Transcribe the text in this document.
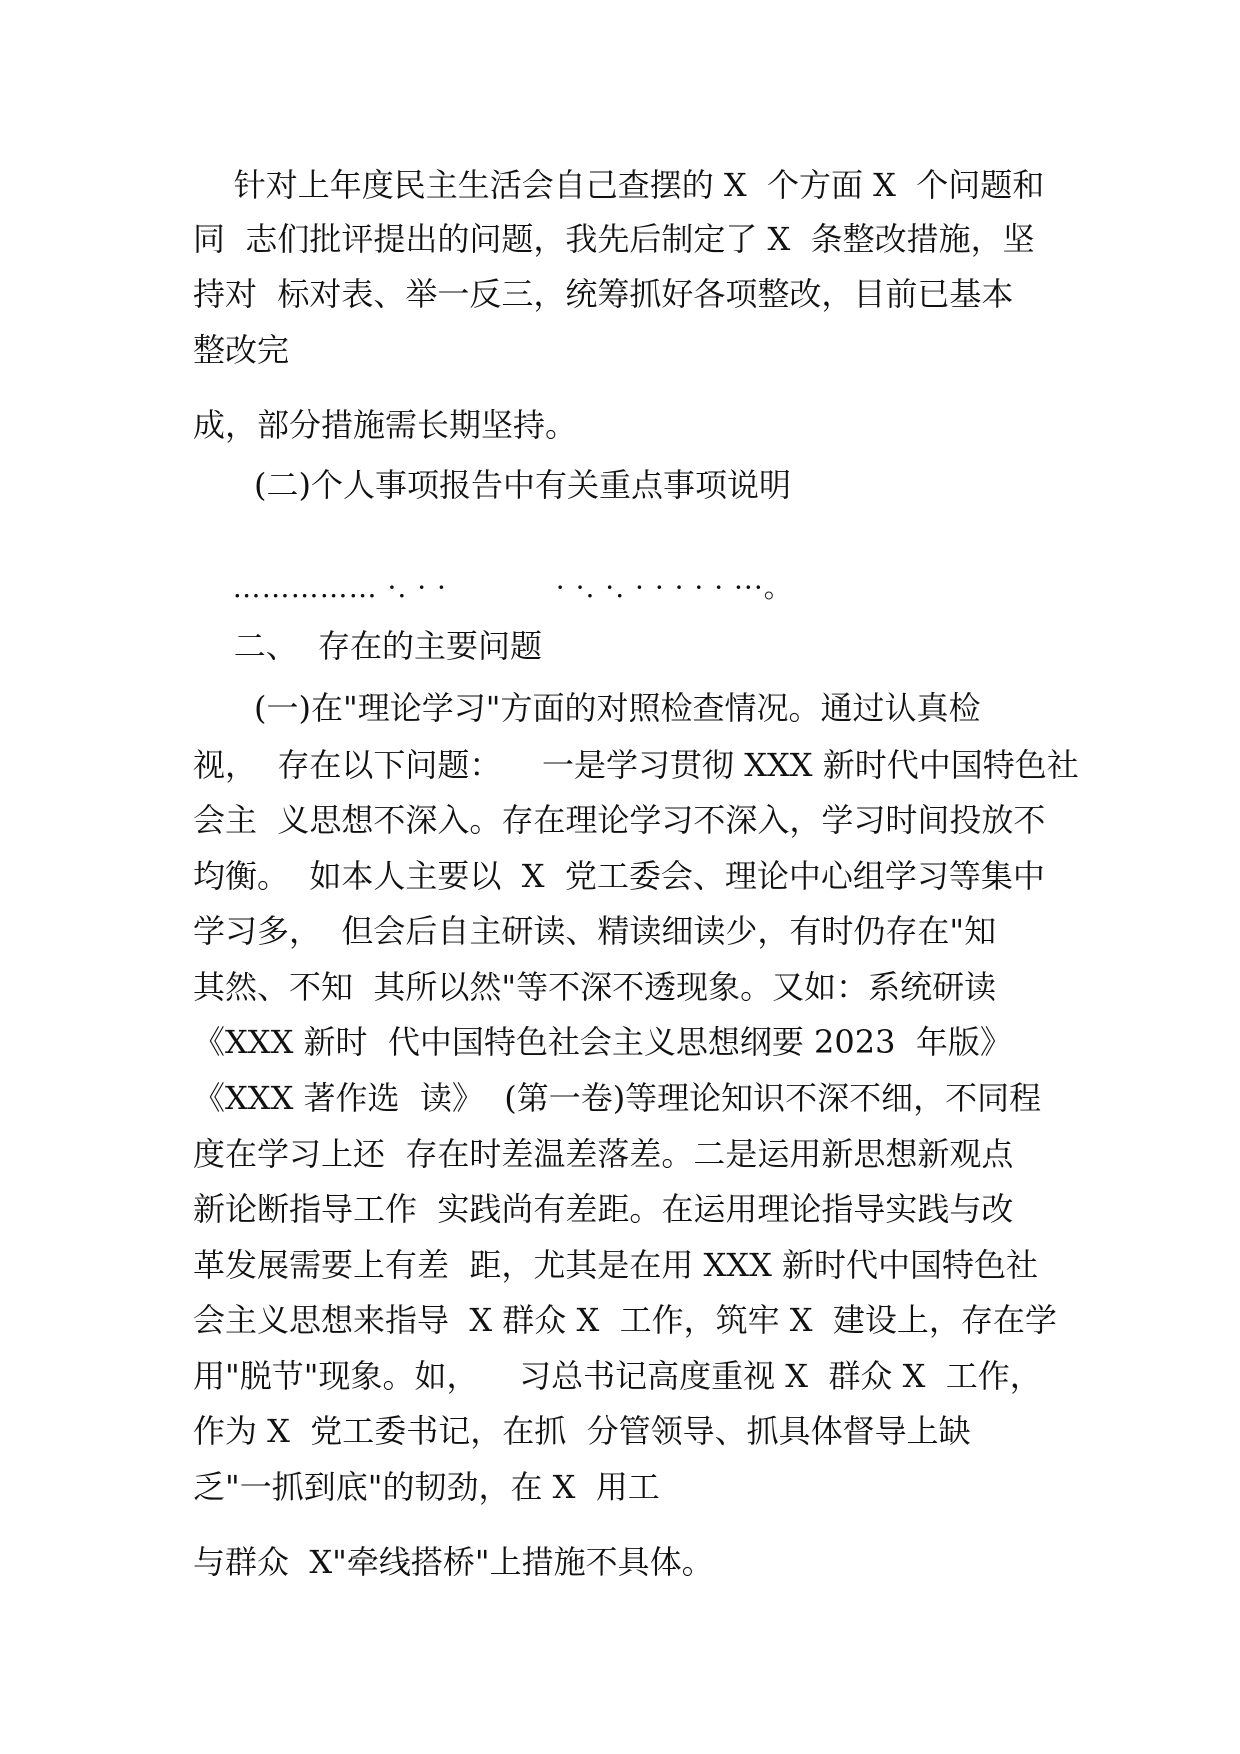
针对上年度民主生活会自己查摆的 X  个方面 X  个问题和
同  志们批评提出的问题，我先后制定了 X  条整改措施，坚
持对  标对表、举一反三，统筹抓好各项整改，目前已基本
整改完
成，部分措施需长期坚持。
(二)个人事项报告中有关重点事项说明
…………… ·. · ·           · ·. ·. · · · · · ···。
二、  存在的主要问题
(一)在"理论学习"方面的对照检查情况。通过认真检
视，  存在以下问题：    一是学习贯彻 XXX 新时代中国特色社
会主  义思想不深入。存在理论学习不深入，学习时间投放不
均衡。  如本人主要以  X  党工委会、理论中心组学习等集中
学习多，  但会后自主研读、精读细读少，有时仍存在"知
其然、不知  其所以然"等不深不透现象。又如：系统研读
《XXX 新时  代中国特色社会主义思想纲要 2023  年版》
《XXX 著作选  读》  (第一卷)等理论知识不深不细，不同程
度在学习上还  存在时差温差落差。二是运用新思想新观点
新论断指导工作  实践尚有差距。在运用理论指导实践与改
革发展需要上有差  距，尤其是在用 XXX 新时代中国特色社
会主义思想来指导  X 群众 X  工作，筑牢 X  建设上，存在学
用"脱节"现象。如，    习总书记高度重视 X  群众 X  工作，
作为 X  党工委书记，在抓  分管领导、抓具体督导上缺
乏"一抓到底"的韧劲，在 X  用工
与群众  X"牵线搭桥"上措施不具体。
